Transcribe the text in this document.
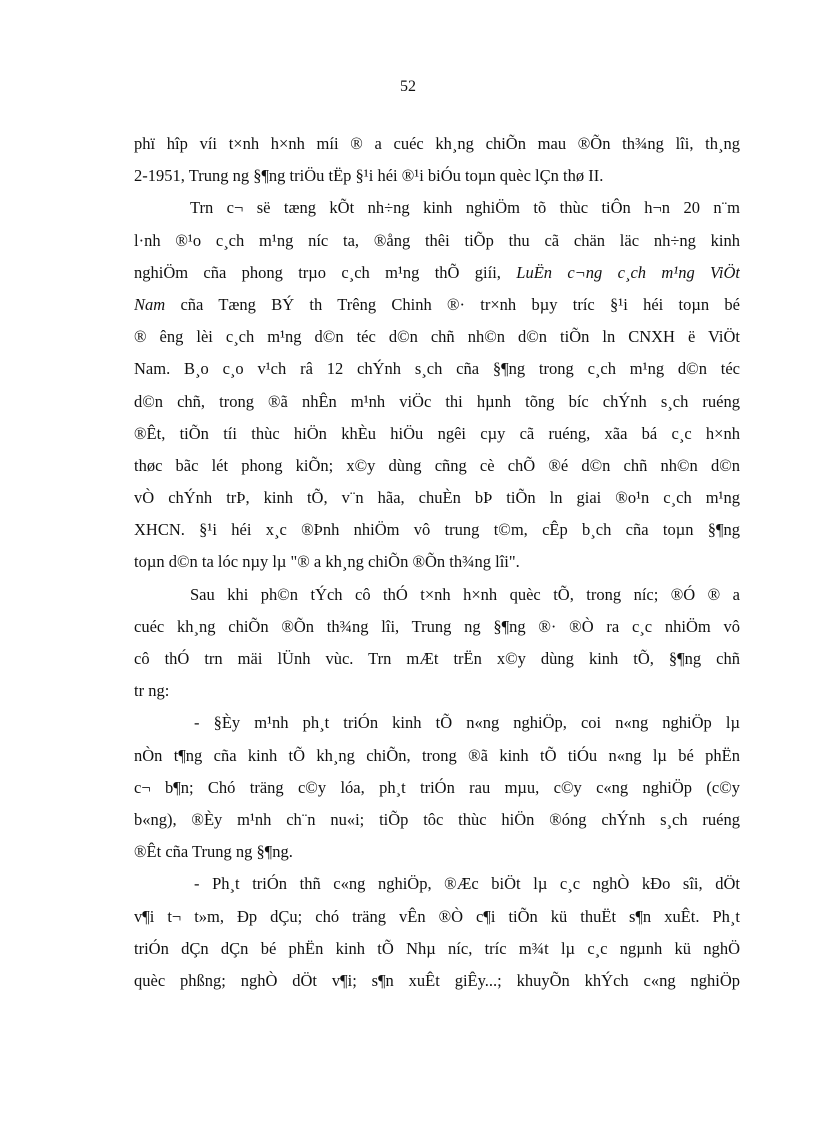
52
phï hîp víi t×nh h×nh míi ® a cuéc kh¸ng chiÕn mau ®Õn th¾ng lîi, th¸ng
2-1951, Trung ng §¶ng triÖu tËp §¹i héi ®¹i biÓu toµn quèc lÇn thø II.
Trn c¬ së tæng kÕt nh÷ng kinh nghiÖm tõ thùc tiÔn h¬n 20 n¨m
l·nh ®¹o c¸ch m¹ng níc ta, ®ång thêi tiÕp thu cã chän läc nh÷ng kinh
nghiÖm cña phong trµo c¸ch m¹ng thÕ giíi, LuËn c¬ng c¸ch m¹ng ViÖt
Nam cña Tæng BÝ th Trêng Chinh ®· tr×nh bµy tríc §¹i héi toµn bé
® êng lèi c¸ch m¹ng d©n téc d©n chñ nh©n d©n tiÕn ln CNXH ë ViÖt
Nam. B¸o c¸o v¹ch râ 12 chÝnh s¸ch cña §¶ng trong c¸ch m¹ng d©n téc
d©n chñ, trong ®ã nhÊn m¹nh viÖc thi hµnh tõng bíc chÝnh s¸ch ruéng
®Êt, tiÕn tíi thùc hiÖn khÈu hiÖu ngêi cµy cã ruéng, xãa bá c¸c h×nh
thøc bãc lét phong kiÕn; x©y dùng cñng cè chÕ ®é d©n chñ nh©n d©n
vÒ chÝnh trÞ, kinh tÕ, v¨n hãa, chuÈn bÞ tiÕn ln giai ®o¹n c¸ch m¹ng
XHCN. §¹i héi x¸c ®Þnh nhiÖm vô trung t©m, cÊp b¸ch cña toµn §¶ng
toµn d©n ta lóc nµy lµ "® a kh¸ng chiÕn ®Õn th¾ng lîi".
Sau khi ph©n tÝch cô thÓ t×nh h×nh quèc tÕ, trong níc; ®Ó ® a
cuéc kh¸ng chiÕn ®Õn th¾ng lîi, Trung ng §¶ng ®· ®Ò ra c¸c nhiÖm vô
cô thÓ trn mäi lÜnh vùc. Trn mÆt trËn x©y dùng kinh tÕ, §¶ng chñ
tr ng:
- §Èy m¹nh ph¸t triÓn kinh tÕ n«ng nghiÖp, coi n«ng nghiÖp lµ
nÒn t¶ng cña kinh tÕ kh¸ng chiÕn, trong ®ã kinh tÕ tiÓu n«ng lµ bé phËn
c¬ b¶n; Chó träng c©y lóa, ph¸t triÓn rau mµu, c©y c«ng nghiÖp (c©y
b«ng), ®Èy m¹nh ch¨n nu«i; tiÕp tôc thùc hiÖn ®óng chÝnh s¸ch ruéng
®Êt cña Trung ng §¶ng.
- Ph¸t triÓn thñ c«ng nghiÖp, ®Æc biÖt lµ c¸c nghÒ kÐo sîi, dÖt
v¶i t¬ t»m, Ðp dÇu; chó träng vÊn ®Ò c¶i tiÕn kü thuËt s¶n xuÊt. Ph¸t
triÓn dÇn dÇn bé phËn kinh tÕ Nhµ níc, tríc m¾t lµ c¸c ngµnh kü nghÖ
quèc phßng; nghÒ dÖt v¶i; s¶n xuÊt giÊy...; khuyÕn khÝch c«ng nghiÖp
